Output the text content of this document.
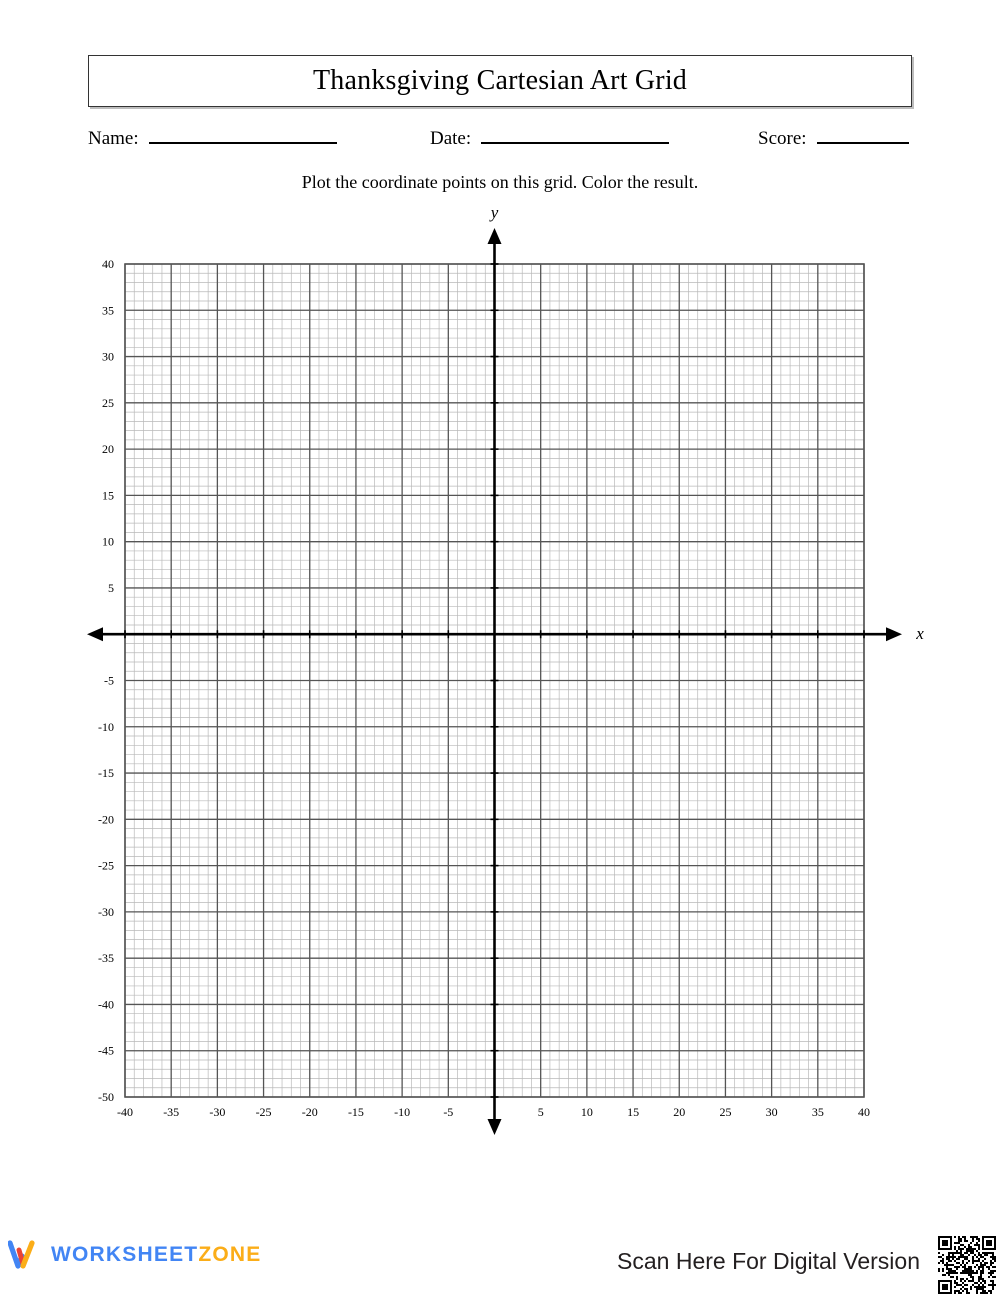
Thanksgiving Cartesian Art Grid
Name:	Date:	Score:
Plot the coordinate points on this grid. Color the result.
40
35
30
25
20
15
10
5
-5
-10
-15
-20
-25
-30
-35
-40
-45
-50
-40	-35	-30	-25	-20	-15	-10	-5	5	10	15	20	25	30	35	40
x
y
WORKSHEETZONE	Scan Here For Digital Version
